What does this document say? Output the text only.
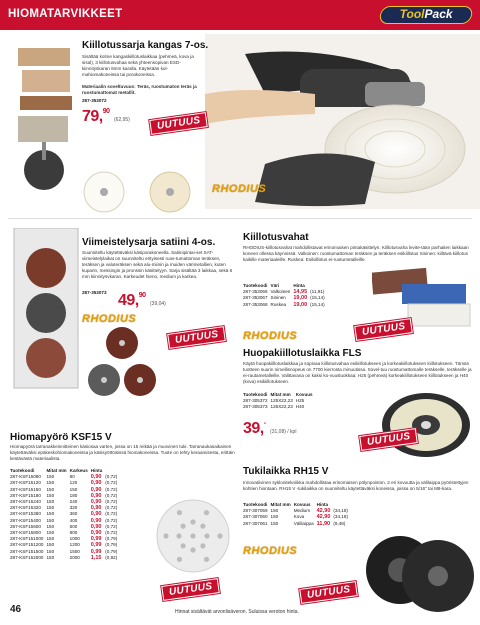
HIOMATARVIKKEET	ToolPack
Kiillotussarja kangas 7-os.
Sisältää kolme kangaskiillotuslaikkaa (pehmeä, kova ja sisal), 3 kiillotusvahaa sekä yhteensopivan ESD- kiinnityskaran 6mm karalla. Käytetään kul-mahiomakoneissa tai porakoneissa.
Materiaalin soveltuvuus: Teräs, ruostumaton teräs ja ruostumattomat metallit.
287-353072
79,90 (62,95)	UUTUUS
RHODIUS
Viimeistelysarja satiini 4-os.
Suunniteltu käytettäväksi käsiporakoneella. Satiinipintai-set SAT-viimeistelylaikat on suunniteltu erityisesti ruos-tumattoman teräksen, teräksen ja valuteräksen sekä alu-miinin ja muiden värimetallien, kuten kuparin, messingin ja pronssin käsittelyyn. Sarja sisältää 3 laikkaa, sekä 6 mm kiinnitysvkaran. Karkeudet hieno, medium ja karkea.
287-353073 49,90 (39,04)
RHODIUS
UUTUUS
Hiomapyörö KSF15 V
Hiomapyörä tarranakkeinnitteinen käsiosaa varten, jossa on 15 reikää ja muovinen tuki. Tarranaukasaikainen käytettäväksi epäkeskohiomakoneissa ja käsisyöttöisissä hiomakoneissa. Tuote on tehty keraamisesta, erittäin kestävästä materiaalista.
Tuotekoodi	Mitat mm	Karkeus	Hinta	
287-KSF15080	150	80	0,90	(0,72)
287-KSF15120	150	120	0,90	(0,72)
287-KSF15150	150	150	0,90	(0,72)
287-KSF15180	150	180	0,90	(0,72)
287-KSF15240	150	240	0,90	(0,72)
287-KSF15320	150	320	0,90	(0,72)
287-KSF15360	150	360	0,90	(0,72)
287-KSF15400	150	400	0,90	(0,72)
287-KSF15600	150	600	0,90	(0,72)
287-KSF15800	150	800	0,90	(0,72)
287-KSF151000	150	1000	0,99	(0,79)
287-KSF151200	150	1200	0,99	(0,79)
287-KSF151500	150	1500	0,99	(0,79)
287-KSF152000	150	2000	1,15	(0,92)
UUTUUS
Kiillotusvahat
RHODIUS-kiillotusvahat mahdollistavat erinomaisen pintakäsittelyn. Kiillotusvaha levite-tään parhaiten laikkaan koneen ollessa käynnissä. Valkoinen: ruostumattoman teräksen ja teräksen esikiillotus Sininen: kiiltävä kiillotus kaikille materiaaleille. Ruskea: Esikiillotus ei-ruotumetalleille.
Tuotekoodi	Väri	Hinta	
287-353066	Valkoinen	14,95	(11,91)
287-353067	Sininen	19,00	(15,14)
287-353068	Ruskea	19,00	(15,14)
RHODIUS	UUTUUS
Huopakiillotuslaikka FLS
Käytä huopakiillotuslaikkaa ja sopivaa kiillotusvahaa esikiillotukseen ja korkeakiillotukseen kiillotukseen. Tämän tuotteen suurin nimellisnopeus on 7700 kierrosta minuutissa. Sovel-tuu ruostumattomalle teräkselle, teräkselle ja ei-rautametalleille. Valittavana on kaksi ko-vuusluokkaa: H25 (pehmeä) korkeakiillotukseen kiillotukseen ja H40 (kova) esikiillotukseen.
Tuotekoodi	Mitat mm	Kovuus
287-305372	125X22,23	H25
287-305373	125X22,23	H40
39,- (31,08) / kpl	UUTUUS
Tukilaikka RH15 V
Innovatiivinen syklonitekniikka mahdollistaa erinomaisen pölynpoiston. 2 eri kovuutta ja välilaippa pyöristettyjen kohtien hiontaan. RH15 V -tukilaikka on suunniteltu käytettäväksi koneissa, joissa on 5/16" tai M8-kara.
Tuotekoodi	Mitat mm	Kovuus	Hinta	
287-307059	150	Medium	42,90	(34,18)
287-307060	150	Kova	42,90	(34,18)
287-307061	150	Välilaippa	11,90	(9,48)
RHODIUS
UUTUUS
46	Hinnat sisältävät arvonlisäveron. Suluissa veroton hinta.
